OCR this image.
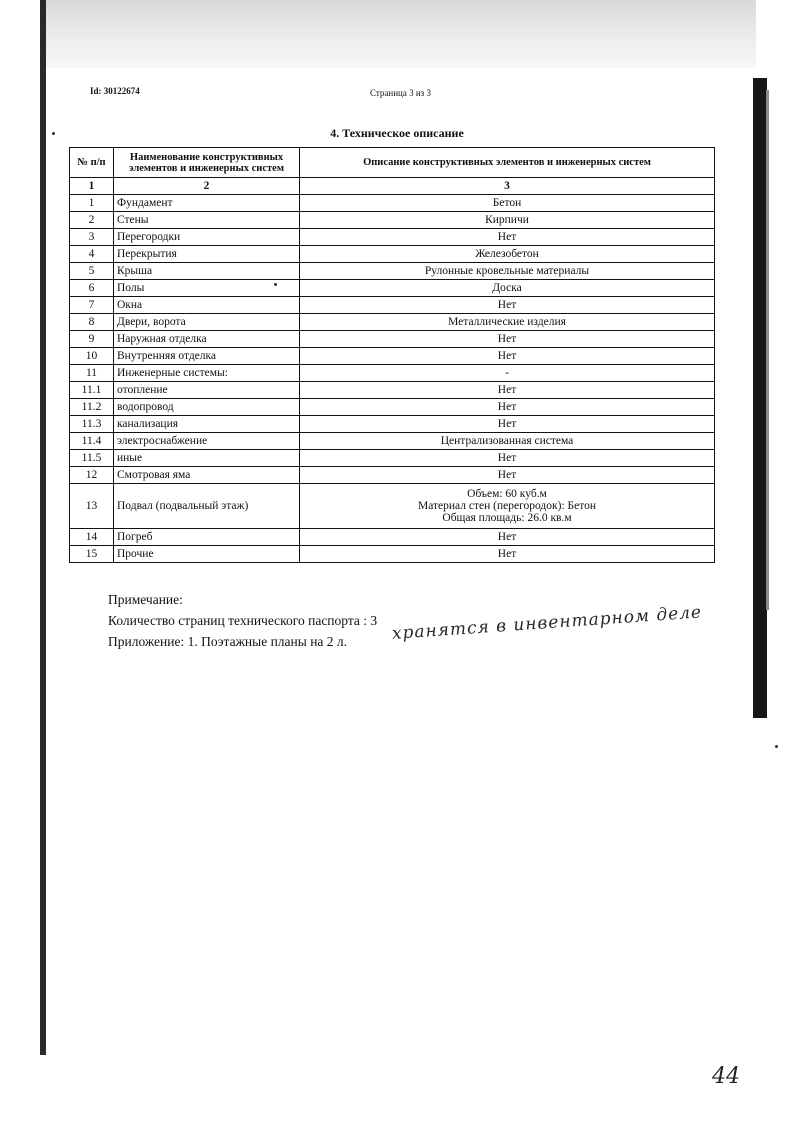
Id: 30122674	Страница 3 из 3
4. Техническое описание
№ п/п	Наименование конструктивных элементов и инженерных систем	Описание конструктивных элементов и инженерных систем
1	2	3
1	Фундамент	Бетон
2	Стены	Кирпичи
3	Перегородки	Нет
4	Перекрытия	Железобетон
5	Крыша	Рулонные кровельные материалы
6	Полы	Доска
7	Окна	Нет
8	Двери, ворота	Металлические изделия
9	Наружная отделка	Нет
10	Внутренняя отделка	Нет
11	Инженерные системы:	-
11.1	отопление	Нет
11.2	водопровод	Нет
11.3	канализация	Нет
11.4	электроснабжение	Централизованная система
11.5	иные	Нет
12	Смотровая яма	Нет
13	Подвал (подвальный этаж)	Объем: 60 куб.м
Материал стен (перегородок): Бетон
Общая площадь: 26.0 кв.м

14	Погреб	Нет
15	Прочие	Нет
Примечание:
Количество страниц технического паспорта : 3
Приложение: 1. Поэтажные планы на 2 л.	хранятся в инвентарном деле
44
